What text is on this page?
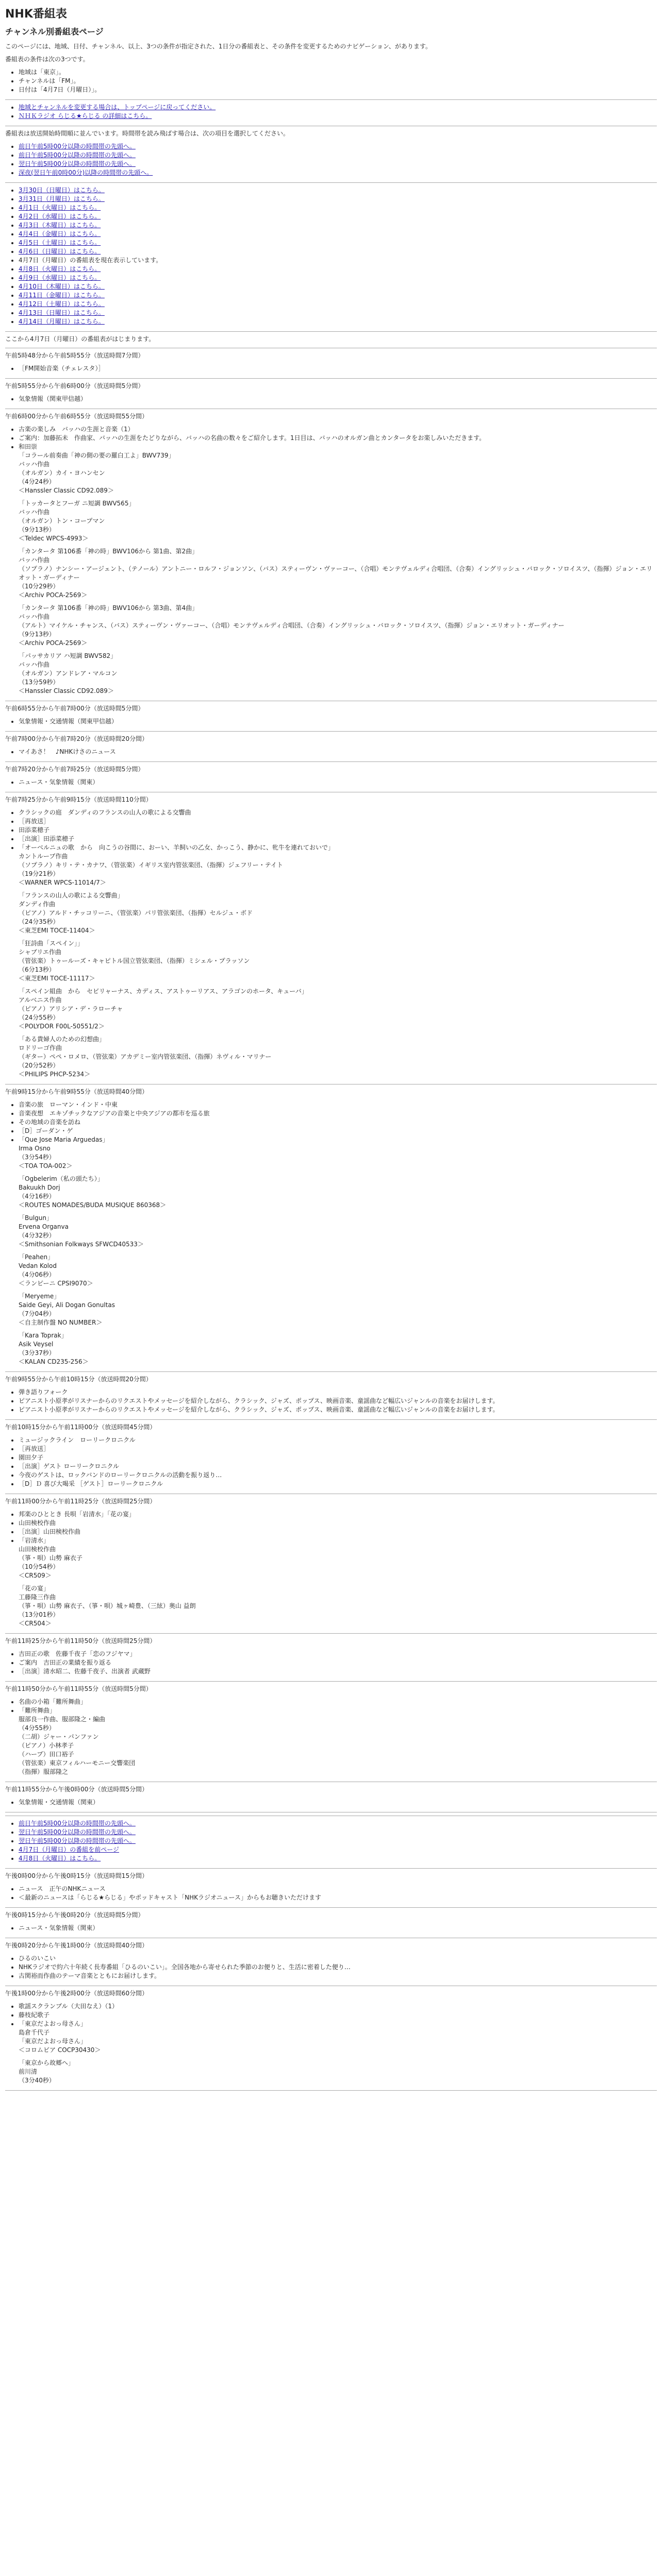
NHK番組表
チャンネル別番組表ページ

このページには、地域、日付、チャンネル、以上、3つの条件が指定された、1日分の番組表と、その条件を変更するためのナビゲーション、があります。

番組表の条件は次の3つです。

• 地域は「東京」。
• チャンネルは「FM」。
• 日付は「4月7日（月曜日）」。
• 地域とチャンネルを変更する場合は、トップページに戻ってください。
• ＮＨＫラジオ らじる★らじる の詳細はこちら。

番組表は放送開始時間順に並んでいます。時間帯を読み飛ばす場合は、次の項目を選択してください。

• 前日午前5時00分以降の時間帯の先頭へ。
• 前日午前5時00分以降の時間帯の先頭へ。
• 翌日午前5時00分以降の時間帯の先頭へ。
• 深夜(翌日午前0時00分)以降の時間帯の先頭へ。
• 3月30日（日曜日）はこちら。
• 3月31日（月曜日）はこちら。
• 4月1日（火曜日）はこちら。
• 4月2日（水曜日）はこちら。
• 4月3日（木曜日）はこちら。
• 4月4日（金曜日）はこちら。
• 4月5日（土曜日）はこちら。
• 4月6日（日曜日）はこちら。
• 4月7日（月曜日）の番組表を現在表示しています。
• 4月8日（火曜日）はこちら。
• 4月9日（水曜日）はこちら。
• 4月10日（木曜日）はこちら。
• 4月11日（金曜日）はこちら。
• 4月12日（土曜日）はこちら。
• 4月13日（日曜日）はこちら。
• 4月14日（月曜日）はこちら。

ここから4月7日（月曜日）の番組表がはじまります。

午前5時48分から午前5時55分（放送時間7分間）

• ［FM開始音楽（チェレスタ）］

午前5時55分から午前6時00分（放送時間5分間）

• 気象情報（関東甲信越）

午前6時00分から午前6時55分（放送時間55分間）

• 古楽の楽しみ　バッハの生涯と音楽（1）
• ご案内：加藤拓未　作曲家、バッハの生涯をたどりながら、バッハの名曲の数々をご紹介します。1日目は、バッハのオルガン曲とカンタータをお楽しみいただきます。
• 和田崇
「コラール前奏曲「神の側の要の羅白工よ」BWV739」
バッハ作曲
（オルガン）カイ・ヨハンセン
（4分24秒）
＜Hanssler Classic CD92.089＞
「トッカータとフーガ ニ短調 BWV565」
バッハ作曲
（オルガン）トン・コープマン
（9分13秒）
＜Teldec WPCS-4993＞
「カンタータ 第106番「神の時」BWV106から 第1曲、第2曲」
バッハ作曲
（ソプラノ）ナンシー・アージェント、（テノール）アントニー・ロルフ・ジョンソン、（バス）スティーヴン・ヴァーコー、（合唱）モンテヴェルディ合唱団、（合奏）イングリッシュ・バロック・ソロイスツ、（指揮）ジョン・エリオット・ガーディナー
（10分29秒）
＜Archiv POCA-2569＞
「カンタータ 第106番「神の時」BWV106から 第3曲、第4曲」
バッハ作曲
（アルト）マイケル・チャンス、（バス）スティーヴン・ヴァーコー、（合唱）モンテヴェルディ合唱団、（合奏）イングリッシュ・バロック・ソロイスツ、（指揮）ジョン・エリオット・ガーディナー
（9分13秒）
＜Archiv POCA-2569＞
「パッサカリア ハ短調 BWV582」
バッハ作曲
（オルガン）アンドレア・マルコン
（13分59秒）
＜Hanssler Classic CD92.089＞

午前6時55分から午前7時00分（放送時間5分間）

• 気象情報・交通情報（関東甲信越）

午前7時00分から午前7時20分（放送時間20分間）

• マイあさ！　♪NHKけさのニュース

午前7時20分から午前7時25分（放送時間5分間）

• ニュース・気象情報（関東）

午前7時25分から午前9時15分（放送時間110分間）

• クラシックの庭　ダンディのフランスの山人の歌による交響曲
• ［再放送］
• 田添菜穂子
• ［出演］田添菜穂子
• 「オーベルニュの歌　から　向こうの谷間に、おーい、羊飼いの乙女、かっこう、静かに、牝牛を連れておいで」
カントルーブ作曲
（ソプラノ）キリ・テ・カナワ、（管弦楽）イギリス室内管弦楽団、（指揮）ジェフリー・テイト
（19分21秒）
＜WARNER WPCS-11014/7＞
「フランスの山人の歌による交響曲」
ダンディ作曲
（ピアノ）アルド・チッコリーニ、（管弦楽）パリ管弦楽団、（指揮）セルジュ・ボド
（24分35秒）
＜東芝EMI TOCE-11404＞
「狂詩曲「スペイン」」
シャブリエ作曲
（管弦楽）トゥールーズ・キャピトル国立管弦楽団、（指揮）ミシェル・プラッソン
（6分13秒）
＜東芝EMI TOCE-11117＞
「スペイン組曲　から　セビリャーナス、カディス、アストゥーリアス、アラゴンのホータ、キューバ」
アルベニス作曲
（ピアノ）アリシア・デ・ラローチャ
（24分55秒）
＜POLYDOR F00L-50551/2＞
「ある貴婦人のための幻想曲」
ロドリーゴ作曲
（ギター）ペペ・ロメロ、（管弦楽）アカデミー室内管弦楽団、（指揮）ネヴィル・マリナー
（20分52秒）
＜PHILIPS PHCP-5234＞

午前9時15分から午前9時55分（放送時間40分間）

• 音楽の旅　ローマン・インド・中東
• 音楽夜想　エキゾチックなアジアの音楽と中央アジアの都市を巡る旅
• その地域の音楽を訪ね
• ［D］ゴーダン・ゲ
• 「Que Jose Maria Arguedas」
Irma Osno
（3分54秒）
＜TOA TOA-002＞
「Ogbelerim（私の頭たち）」
Bakuukh Dorj
（4分16秒）
＜ROUTES NOMADES/BUDA MUSIQUE 860368＞
「Bulgun」
Ervena Organva
（4分32秒）
＜Smithsonian Folkways SFWCD40533＞
「Peahen」
Vedan Kolod
（4分06秒）
＜ランピーニ CPSI9070＞
「Meryeme」
Saide Geyi, Ali Dogan Gonultas
（7分04秒）
＜自主制作盤 NO NUMBER＞
「Kara Toprak」
Asik Veysel
（3分37秒）
＜KALAN CD235-256＞

午前9時55分から午前10時15分（放送時間20分間）

• 弾き語りフォーク
• ピアニスト小原孝がリスナーからのリクエストやメッセージを紹介しながら、クラシック、ジャズ、ポップス、映画音楽、童謡曲など幅広いジャンルの音楽をお届けします。
• ピアニスト小原孝がリスナーからのリクエストやメッセージを紹介しながら、クラシック、ジャズ、ポップス、映画音楽、童謡曲など幅広いジャンルの音楽をお届けします。

午前10時15分から午前11時00分（放送時間45分間）

• ミュージックライン　ローリークロニクル
• ［再放送］
• 園田夕子
• ［出演］ゲスト ローリークロニクル
• 今夜のゲストは、ロックバンドのローリークロニクルの活動を振り返り…
• ［D］Ｄ 喜び大喝采 ［ゲスト］ローリークロニクル

午前11時00分から午前11時25分（放送時間25分間）

• 邦楽のひととき 長唄「岩清水」「花の宴」
• 山田検校作曲
• ［出演］山田検校作曲
• 「岩清水」
山田検校作曲
（箏・唄）山勢 麻衣子
（10分54秒）
＜CR509＞
「花の宴」
工藤隆三作曲
（箏・唄）山勢 麻衣子、（箏・唄）城ヶ崎豊、（三絃）奥山 益朗
（13分01秒）
＜CR504＞

午前11時25分から午前11時50分（放送時間25分間）

• 吉田正の歌　佐藤千夜子「恋のフジヤマ」
• ご案内　吉田正の業績を振り返る
• ［出演］清水昭二、佐藤千夜子、出演者 武蔵野

午前11時50分から午前11時55分（放送時間5分間）

• 名曲の小箱「難所舞曲」
• 「難所舞曲」
服部良一作曲、服部隆之・編曲
（4分55秒）
（二胡）ジャー・パンファン
（ピアノ）小林孝子
（ハープ）田口裕子
（管弦楽）東京フィルハーモニー交響楽団
（指揮）服部隆之

午前11時55分から午後0時00分（放送時間5分間）

• 気象情報・交通情報（関東）
• 前日午前5時00分以降の時間帯の先頭へ。
• 翌日午前5時00分以降の時間帯の先頭へ。
• 翌日午前5時00分以降の時間帯の先頭へ。
• 4月7日（月曜日）の番組を前ページ
• 4月8日（火曜日）はこちら。

午後0時00分から午後0時15分（放送時間15分間）

• ニュース　正午のNHKニュース
• ＜最新のニュースは「らじる★らじる」やポッドキャスト「NHKラジオニュース」からもお聴きいただけます

午後0時15分から午後0時20分（放送時間5分間）

• ニュース・気象情報（関東）

午後0時20分から午後1時00分（放送時間40分間）

• ひるのいこい
• NHKラジオで約六十年続く長寿番組「ひるのいこい」。全国各地から寄せられた季節のお便りと、生活に密着した便り…
• 古関裕而作曲のテーマ音楽とともにお届けします。

午後1時00分から午後2時00分（放送時間60分間）

• 歌謡スクランブル（大田なえ）（1）
• 藤枝紀歌子
• 「東京だよおっ母さん」
島倉千代子
「東京だよおっ母さん」
＜コロムビア COCP30430＞
「東京から故郷へ」
前川清
（3分40秒）
